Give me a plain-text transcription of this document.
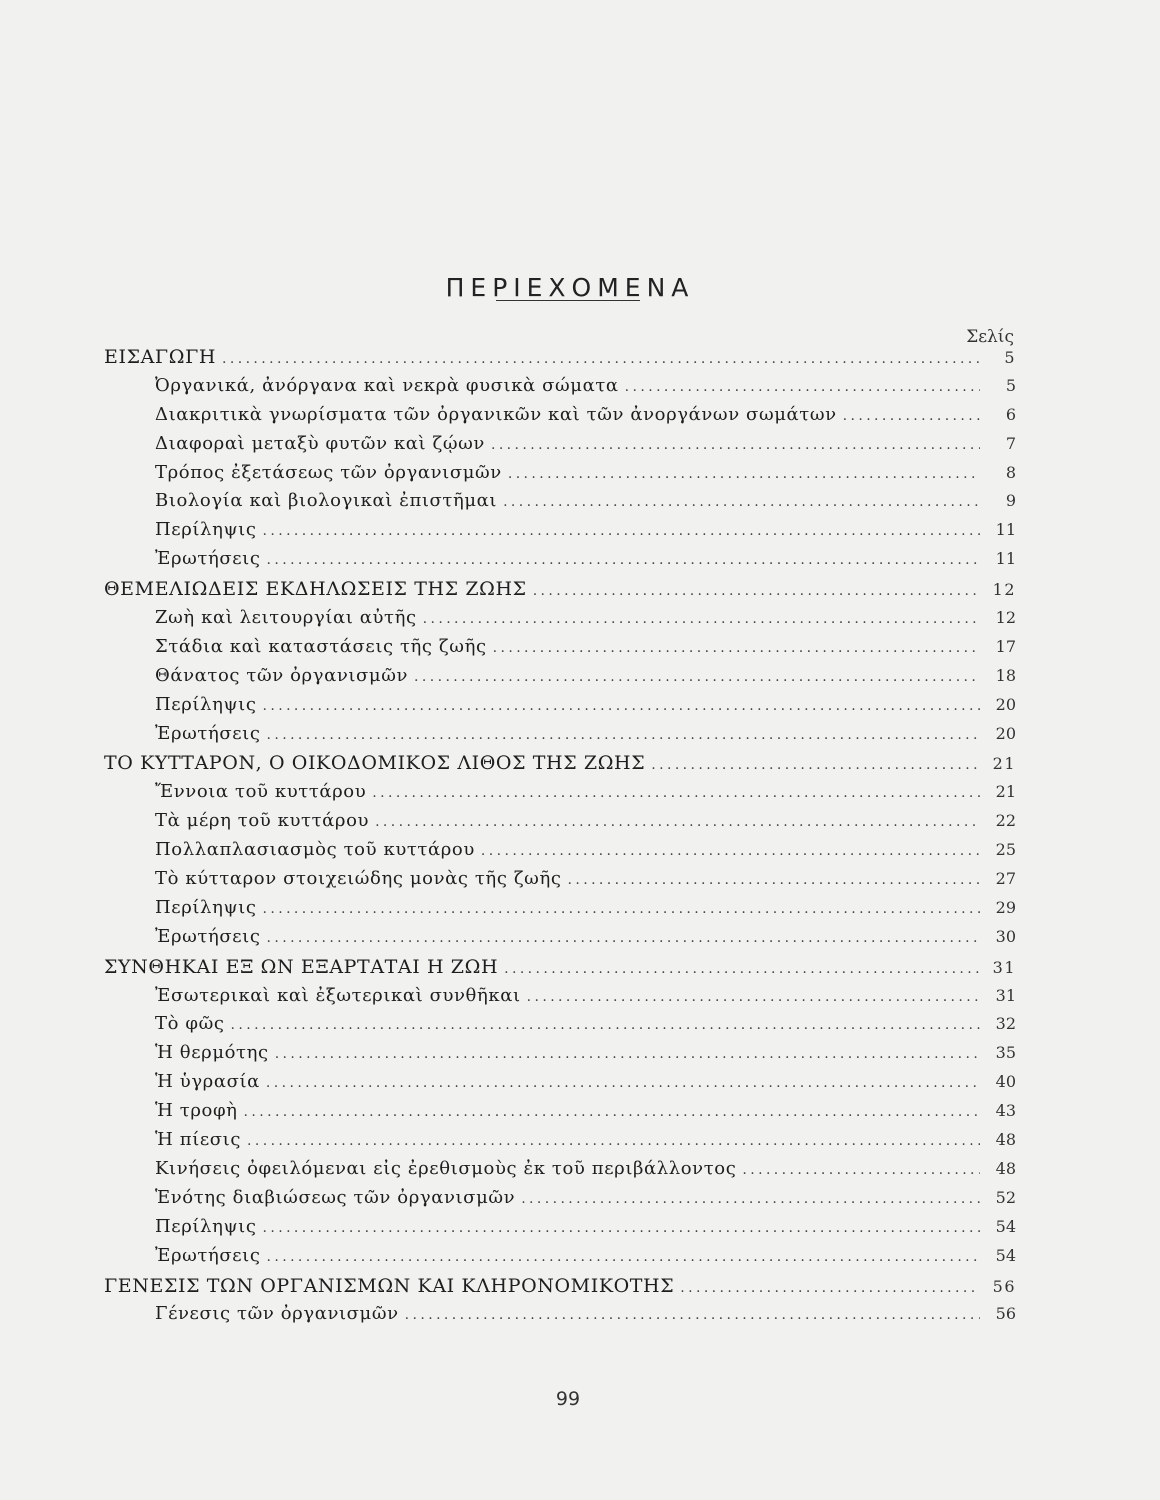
ΠΕΡΙΕΧΟΜΕΝΑ
Σελίς
ΕΙΣΑΓΩΓΗ .....	5
Ὀργανικά, ἀνόργανα καὶ νεκρὰ φυσικὰ σώματα .....	5
Διακριτικὰ γνωρίσματα τῶν ὀργανικῶν καὶ τῶν ἀνοργάνων σωμάτων .....	6
Διαφοραὶ μεταξὺ φυτῶν καὶ ζῴων .....	7
Τρόπος ἐξετάσεως τῶν ὀργανισμῶν .....	8
Βιολογία καὶ βιολογικαὶ ἐπιστῆμαι .....	9
Περίληψις .....	11
Ἐρωτήσεις .....	11
ΘΕΜΕΛΙΩΔΕΙΣ ΕΚΔΗΛΩΣΕΙΣ ΤΗΣ ΖΩΗΣ .....	12
Ζωὴ καὶ λειτουργίαι αὐτῆς .....	12
Στάδια καὶ καταστάσεις τῆς ζωῆς .....	17
Θάνατος τῶν ὀργανισμῶν .....	18
Περίληψις .....	20
Ἐρωτήσεις .....	20
ΤΟ ΚΥΤΤΑΡΟΝ, Ο ΟΙΚΟΔΟΜΙΚΟΣ ΛΙΘΟΣ ΤΗΣ ΖΩΗΣ .....	21
Ἔννοια τοῦ κυττάρου .....	21
Τὰ μέρη τοῦ κυττάρου .....	22
Πολλαπλασιασμὸς τοῦ κυττάρου .....	25
Τὸ κύτταρον στοιχειώδης μονὰς τῆς ζωῆς .....	27
Περίληψις .....	29
Ἐρωτήσεις .....	30
ΣΥΝΘΗΚΑΙ ΕΞ ΩΝ ΕΞΑΡΤΑΤΑΙ Η ΖΩΗ .....	31
Ἐσωτερικαὶ καὶ ἐξωτερικαὶ συνθῆκαι .....	31
Τὸ φῶς .....	32
Ἡ θερμότης .....	35
Ἡ ὑγρασία .....	40
Ἡ τροφὴ .....	43
Ἡ πίεσις .....	48
Κινήσεις ὀφειλόμεναι εἰς ἐρεθισμοὺς ἐκ τοῦ περιβάλλοντος .....	48
Ἑνότης διαβιώσεως τῶν ὀργανισμῶν .....	52
Περίληψις .....	54
Ἐρωτήσεις .....	54
ΓΕΝΕΣΙΣ ΤΩΝ ΟΡΓΑΝΙΣΜΩΝ ΚΑΙ ΚΛΗΡΟΝΟΜΙΚΟΤΗΣ .....	56
Γένεσις τῶν ὀργανισμῶν .....	56
99
